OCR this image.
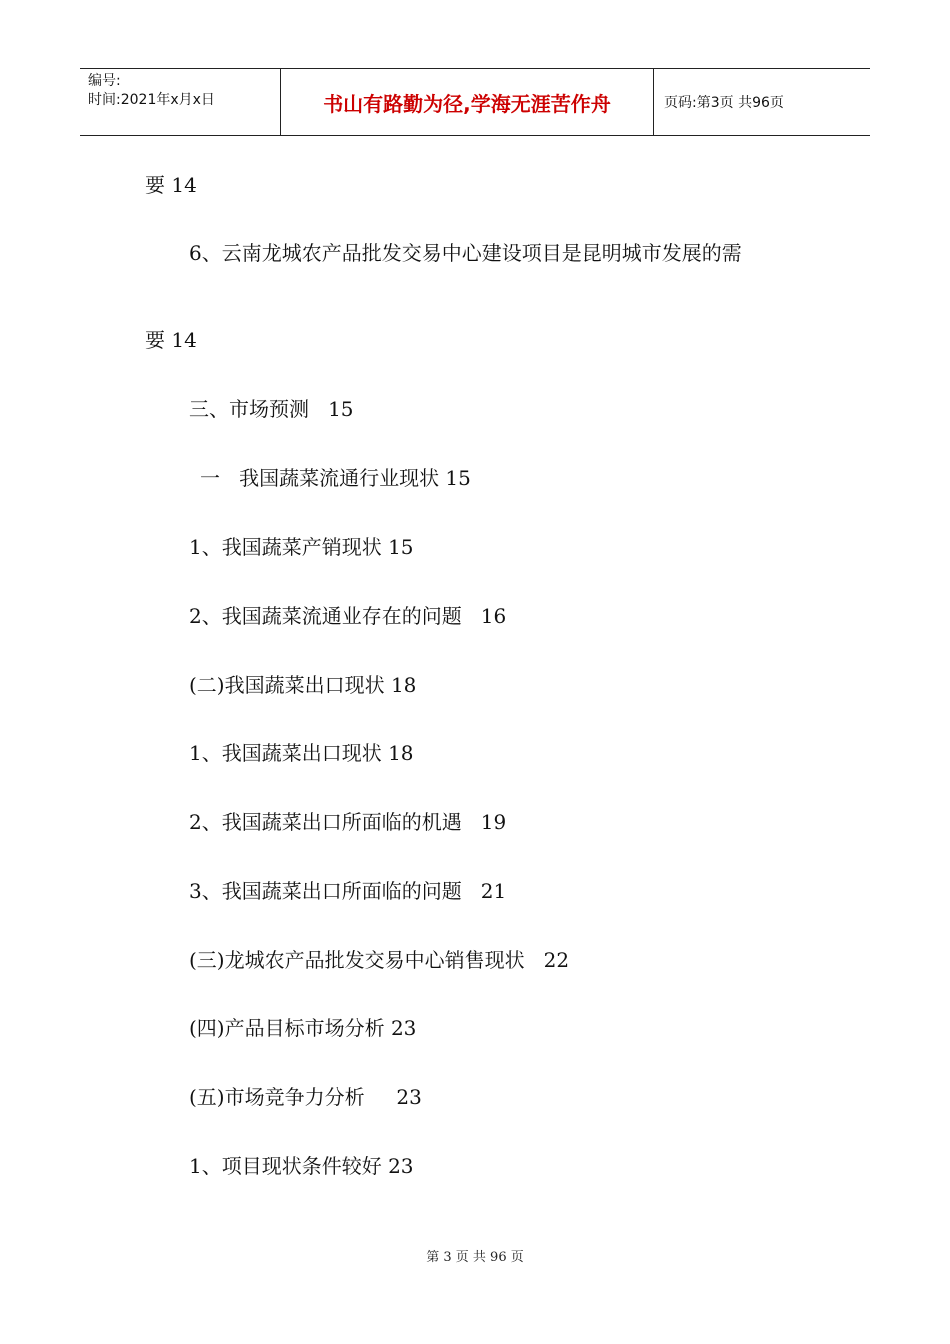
编号:
时间:2021年x月x日	书山有路勤为径,学海无涯苦作舟	页码:第3页 共96页
要 14
6、云南龙城农产品批发交易中心建设项目是昆明城市发展的需
要 14
三、市场预测   15
一   我国蔬菜流通行业现状 15
1、我国蔬菜产销现状 15
2、我国蔬菜流通业存在的问题   16
(二)我国蔬菜出口现状 18
1、我国蔬菜出口现状 18
2、我国蔬菜出口所面临的机遇   19
3、我国蔬菜出口所面临的问题   21
(三)龙城农产品批发交易中心销售现状   22
(四)产品目标市场分析 23
(五)市场竞争力分析     23
1、项目现状条件较好 23
第 3 页 共 96 页
